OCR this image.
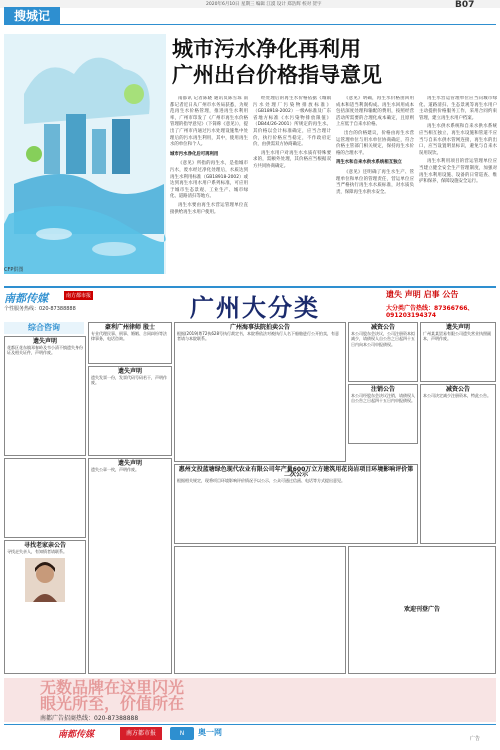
2020年6月10日 星期三 编辑 江漠 设计 郑浩辉 校对 贺宇	B07
搜城记
CFP供图
城市污水净化再利用
广州出台价格指导意见

南都讯 记者陈晓 通讯员陈雪琼 南都记者近日从广州市水务局获悉，为规范再生水价格管理，推进再生水利用率，广州市印发了《广州市再生水价格管理的指导意见》（下简称《意见》），提出了广州市内通过污水处理设施集中处理后的污水再生利用，其中，使用再生水的单位和个人。

城市污水净化后可再利用

《意见》所指的再生水，是指城市污水，废水经过净化处理后，水质达到再生水利用标准（GB18918-2002）或达到再生水用水用户系列标准，可应用于城市生态景观、工业生产、城市绿化、道路清扫等地方。

再生水要由再生水营运管理单位直接供给再生水用户使用。

经处理后的再生水价格依据《城镇污水处理厂污染物排放标准》（GB18918-2002）一级A标准及广东省地方标准《水污染物排放限值》（DB44/26-2001）所规定的再生水。其价格以会计标准确定，应当合理计价，执行价格应当稳定，不作政府定价，由供需双方协商确定。

再生水用户对再生水水质有特殊要求的，需额外处理，其价格应当根据双方共同协商确定。

《意见》明确，再生水价格由回用成本和适当利润构成。再生水回用成本包括深度处理和输配的费用，按照经营活动所需要的合理化成本确定，且原则上应低于自来水价格。

出台的价格建议，价格由再生水营运管理单位与用水单位协商确定，符合价格主管部门相关规定，保持再生水价格的合理水平。

再生水和自来水供水系统相互独立

《意见》还明确了再生水生产、管理单位和单位的管理责任，营运单位应当严格执行再生水水质标准，对水质负责，保障再生水供水安全。

再生水营运管理单位应当向城市绿化、道路清扫、生态景观等再生水用户主动提供价格服务工作，采用合同约束管理，建立再生水用户档案。

再生水供水系统和自来水供水系统应当相互独立，再生水设施和管道不应当与自来水供水管网连接，再生水的出口，应当设置明显标识，避免与自来水误用误饮。

再生水利用项目的营运管理单位应当建立健全安全生产管理制度，加强对再生水利用设施、设备的日常巡查、维护和保养，保障设施安全运行。

南都传媒	南方都市报
个性服务热线：020-87388888	广州大分类	遗失 声明 启事 公告
大分类广告热线：87366766、091203194374
综合咨询
遗失声明
花都区花东镇邓春岭及韦小清不慎遗失身份证及相关证件，声明作废。
豪利广州律师 殷士
专业代理民事、刑事、婚姻、合同纠纷等法律事务，电话咨询。
广州海事法院拍卖公告
根据(2019)粤72执628号执行裁定书，本院将依法对被执行人名下船舶进行公开拍卖，有意者请与本院联系。
减资公告
本公司股东会决议，公司注册资本拟减少，请债权人自公告之日起四十五日内向本公司申报债权。
遗失声明
广州某某贸易有限公司遗失营业执照副本，声明作废。
注销公告
本公司经股东会决议注销，请债权人自公告之日起四十五日内申报债权。
遗失声明
遗失发票一份，发票代码号码若干，声明作废。
惠州文投蓝塘绿色现代农业有限公司年产量600万立方建筑用花岗岩项目环境影响评价第二次公示
根据相关规定，现将项目环境影响评价情况予以公示，公众可通过信函、电话等方式提出意见。
减资公告
本公司决定减少注册资本，特此公告。
寻找老家亲公告
寻找走失亲人，有知情者请联系。
遗失声明
遗失公章一枚，声明作废。
欢迎刊登广告
无数品牌在这里闪光
眼光所至，价值所在
南都广告招商热线：020-87388888
南都传媒	南方都市报	N	奥一网
广告
